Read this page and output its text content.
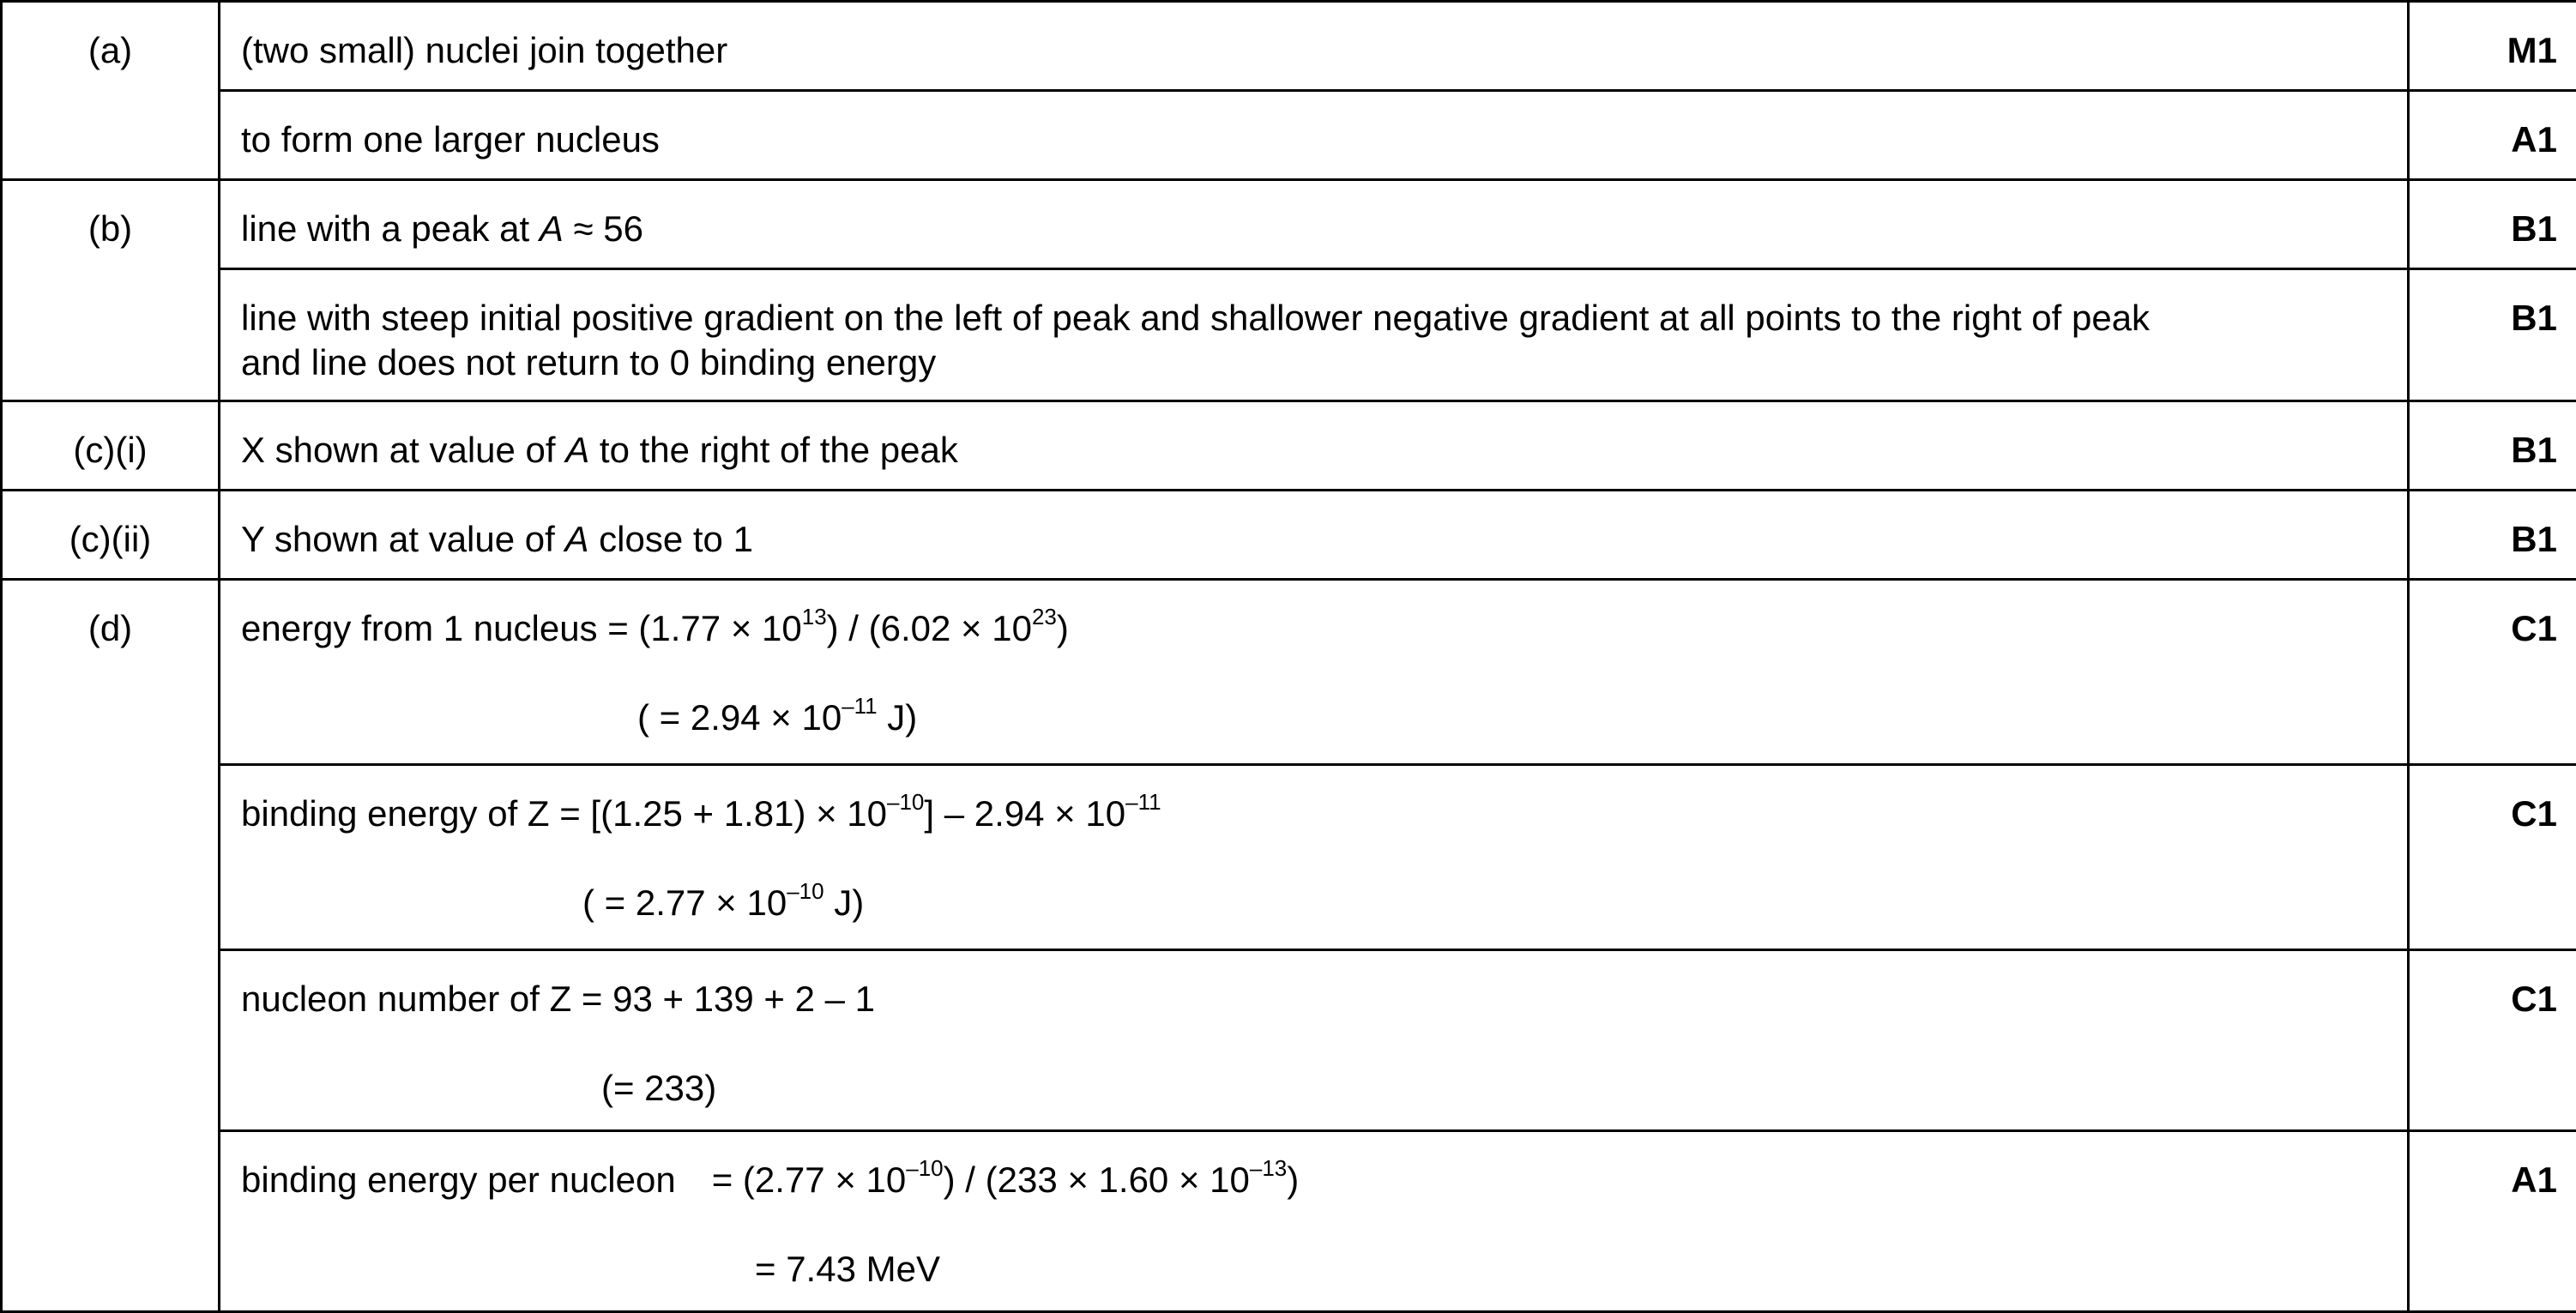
(a)	(two small) nuclei join together	M1
	to form one larger nucleus	A1
(b)	line with a peak at A ≈ 56	B1
	line with steep initial positive gradient on the left of peak and shallower negative gradient at all points to the right of peak
and line does not return to 0 binding energy	B1
(c)(i)	X shown at value of A to the right of the peak	B1
(c)(ii)	Y shown at value of A close to 1	B1
(d)	energy from 1 nucleus = $(1.77 \times 10^{13}) / (6.02 \times 10^{23})$
( = $2.94 \times 10^{-11}$ J)	C1
	binding energy of $Z = [(1.25 + 1.81) \times 10^{-10}] - 2.94 \times 10^{-11}$
( = $2.77 \times 10^{-10}$ J)	C1
	nucleon number of Z = 93 + 139 + 2 – 1
(= 233)	C1
	binding energy per nucleon = $(2.77 \times 10^{-10}) / (233 \times 1.60 \times 10^{-13})$
= 7.43 MeV	A1
